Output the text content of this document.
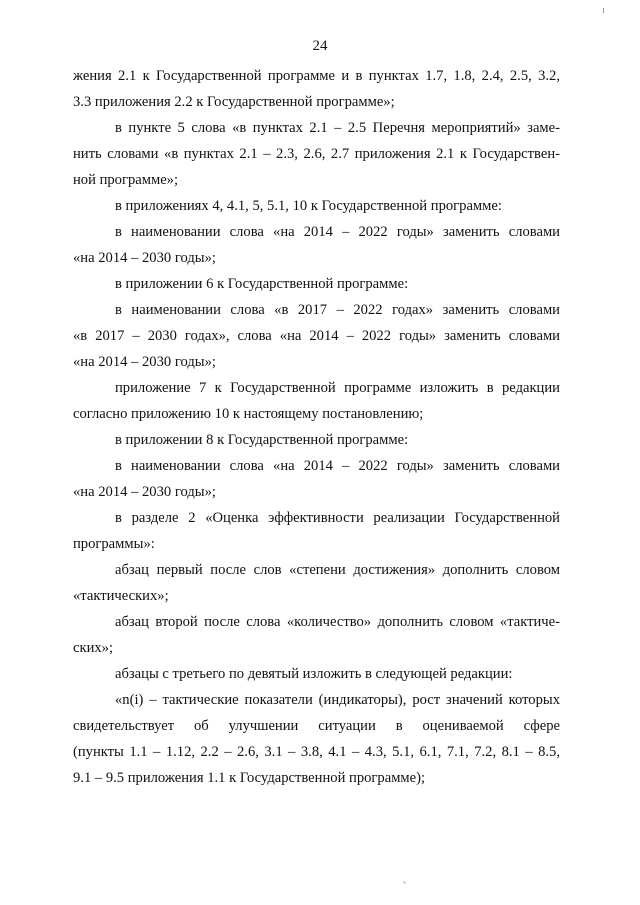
24
жения 2.1 к Государственной программе и в пунктах 1.7, 1.8, 2.4, 2.5, 3.2,
3.3 приложения 2.2 к Государственной программе»;
в пункте 5 слова «в пунктах 2.1 – 2.5 Перечня мероприятий» заме-
нить словами «в пунктах 2.1 – 2.3, 2.6, 2.7 приложения 2.1 к Государствен-
ной программе»;
в приложениях 4, 4.1, 5, 5.1, 10 к Государственной программе:
в наименовании слова «на 2014 – 2022 годы» заменить словами
«на 2014 – 2030 годы»;
в приложении 6 к Государственной программе:
в наименовании слова «в 2017 – 2022 годах» заменить словами
«в 2017 – 2030 годах», слова «на 2014 – 2022 годы» заменить словами
«на 2014 – 2030 годы»;
приложение 7 к Государственной программе изложить в редакции
согласно приложению 10 к настоящему постановлению;
в приложении 8 к Государственной программе:
в наименовании слова «на 2014 – 2022 годы» заменить словами
«на 2014 – 2030 годы»;
в разделе 2 «Оценка эффективности реализации Государственной
программы»:
абзац первый после слов «степени достижения» дополнить словом
«тактических»;
абзац второй после слова «количество» дополнить словом «тактиче-
ских»;
абзацы с третьего по девятый изложить в следующей редакции:
«n(i) – тактические показатели (индикаторы), рост значений которых
свидетельствует об улучшении ситуации в оцениваемой сфере
(пункты 1.1 – 1.12, 2.2 – 2.6, 3.1 – 3.8, 4.1 – 4.3, 5.1, 6.1, 7.1, 7.2, 8.1 – 8.5,
9.1 – 9.5 приложения 1.1 к Государственной программе);
